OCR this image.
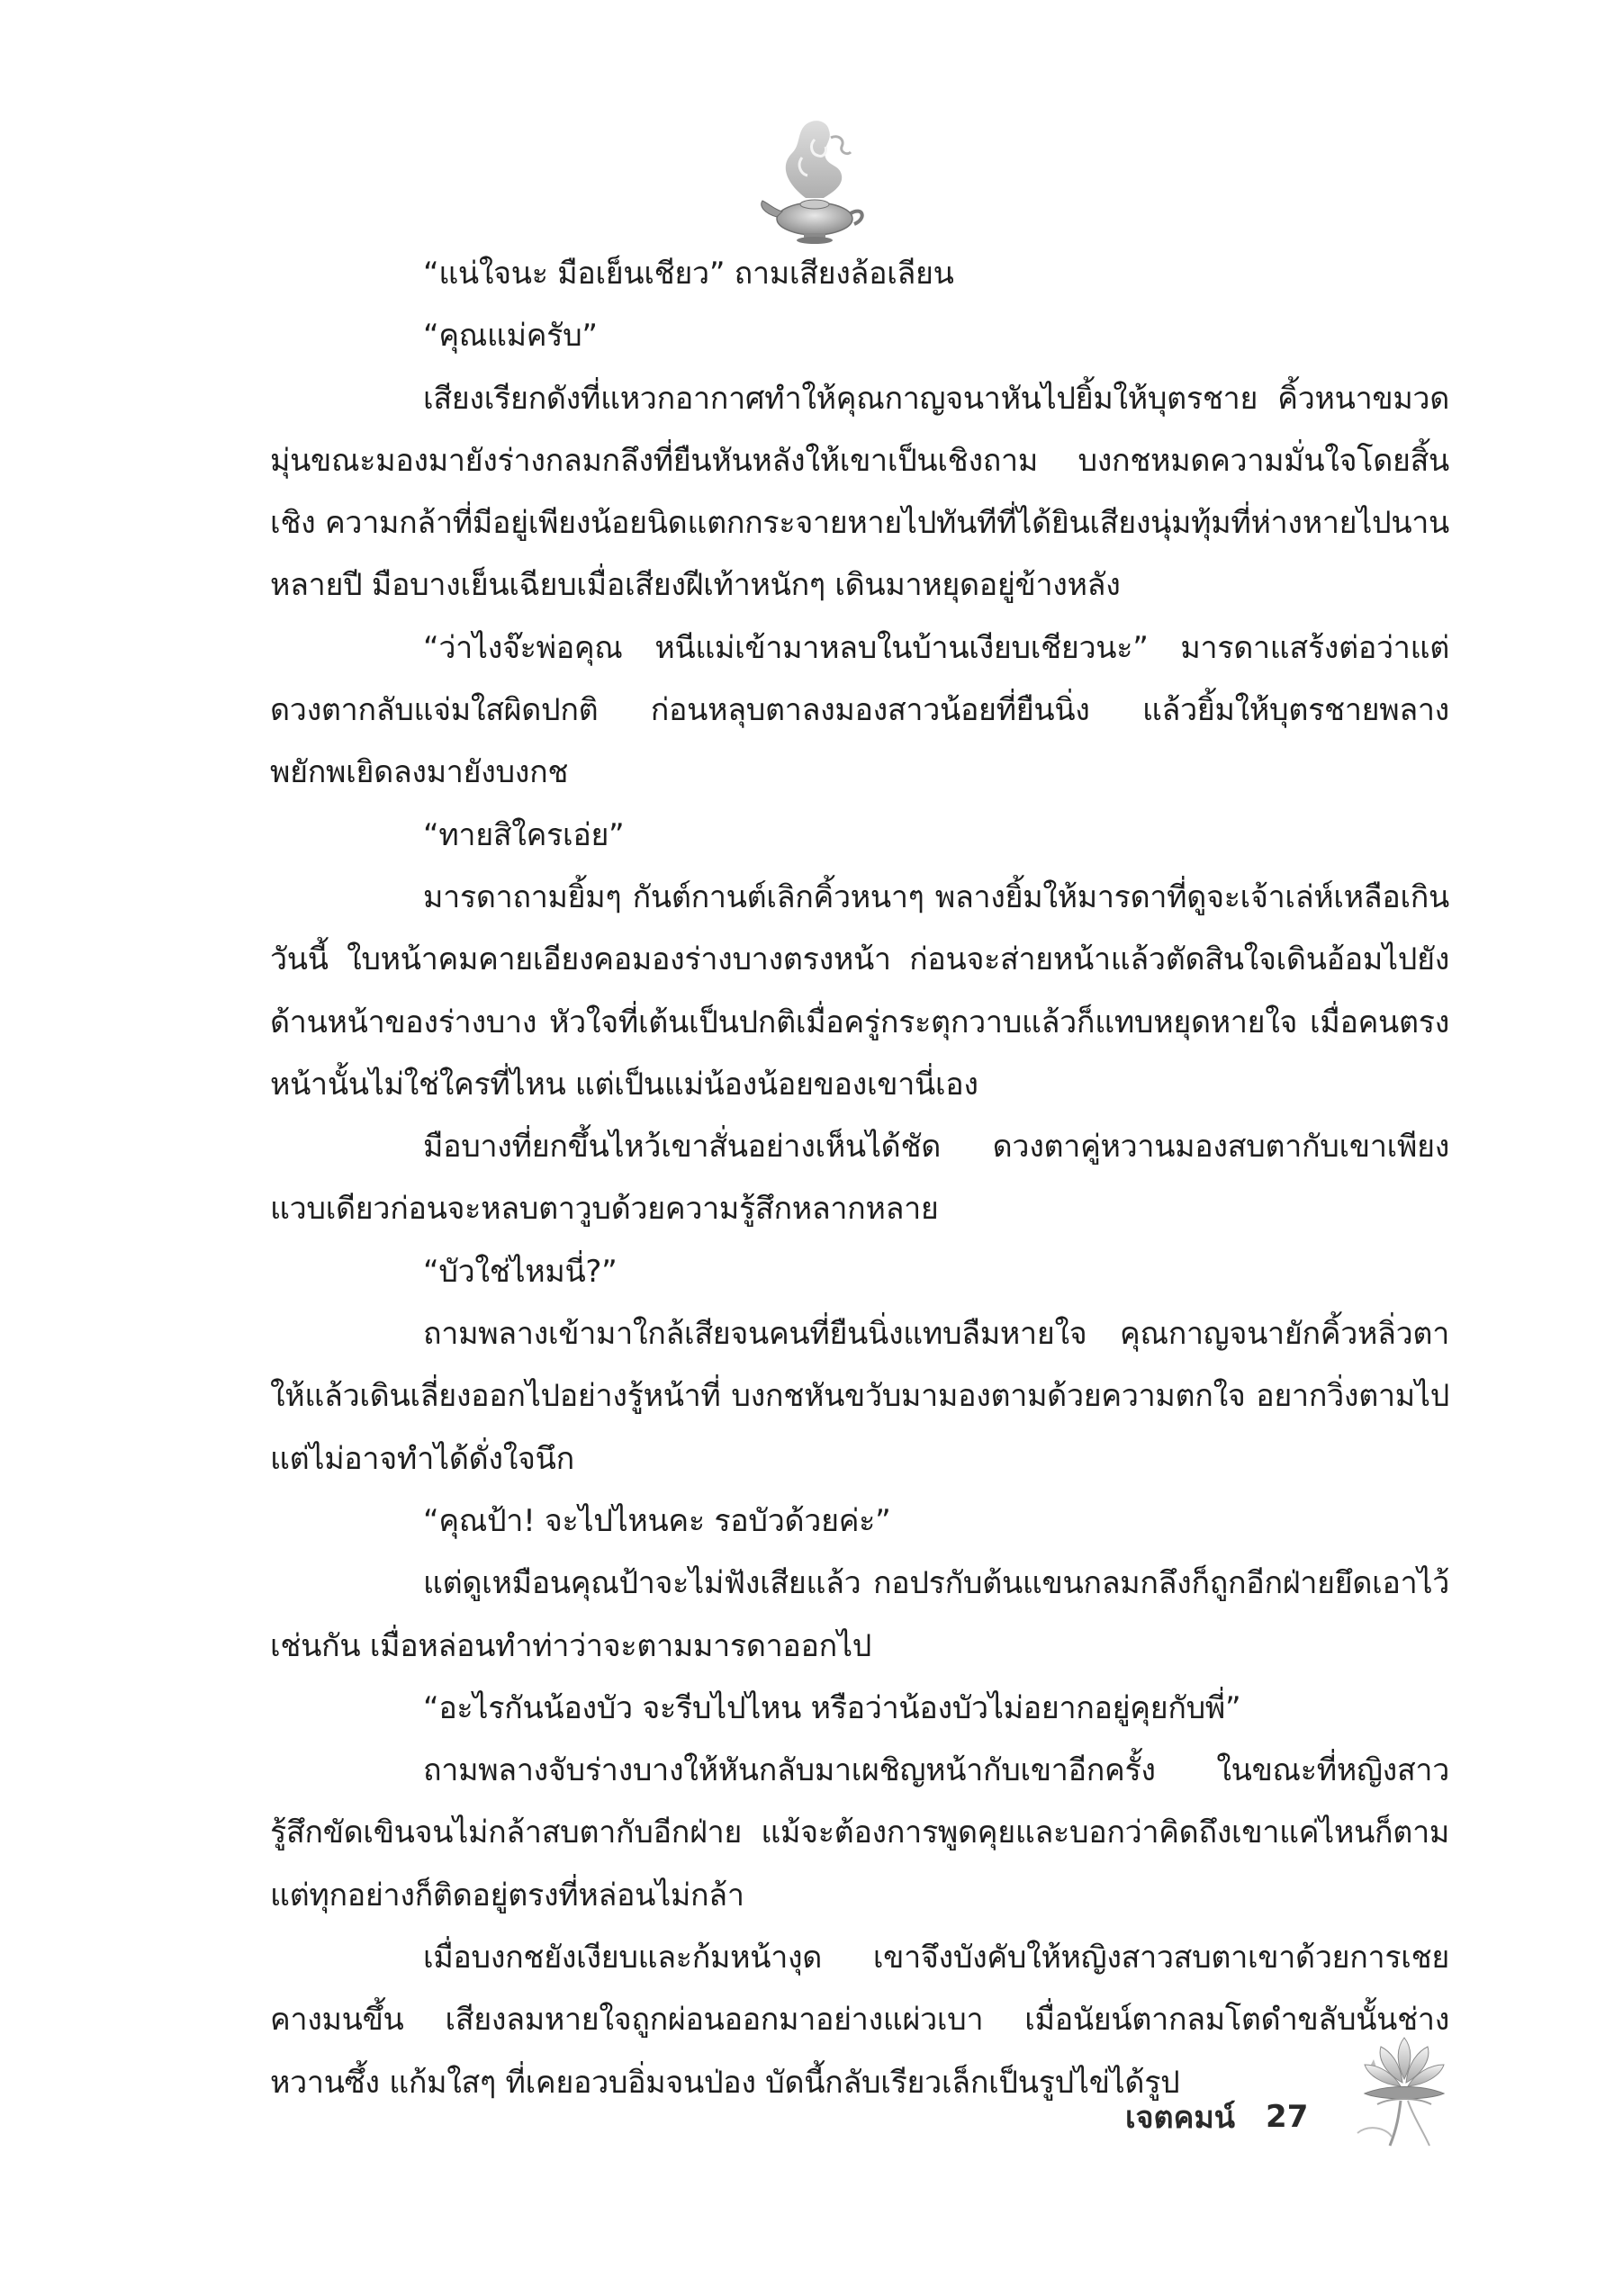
“แน่ใจนะ มือเย็นเชียว” ถามเสียงล้อเลียน

“คุณแม่ครับ”

เสียงเรียกดังที่แหวกอากาศทำให้คุณกาญจนาหันไปยิ้มให้บุตรชาย คิ้วหนาขมวดมุ่นขณะมองมายังร่างกลมกลึงที่ยืนหันหลังให้เขาเป็นเชิงถาม บงกชหมดความมั่นใจโดยสิ้นเชิง ความกล้าที่มีอยู่เพียงน้อยนิดแตกกระจายหายไปทันทีที่ได้ยินเสียงนุ่มทุ้มที่ห่างหายไปนานหลายปี มือบางเย็นเฉียบเมื่อเสียงฝีเท้าหนักๆ เดินมาหยุดอยู่ข้างหลัง

“ว่าไงจ๊ะพ่อคุณ หนีแม่เข้ามาหลบในบ้านเงียบเชียวนะ” มารดาแสร้งต่อว่าแต่ดวงตากลับแจ่มใสผิดปกติ ก่อนหลุบตาลงมองสาวน้อยที่ยืนนิ่ง แล้วยิ้มให้บุตรชายพลางพยักพเยิดลงมายังบงกช

“ทายสิใครเอ่ย”

มารดาถามยิ้มๆ กันต์กานต์เลิกคิ้วหนาๆ พลางยิ้มให้มารดาที่ดูจะเจ้าเล่ห์เหลือเกินวันนี้ ใบหน้าคมคายเอียงคอมองร่างบางตรงหน้า ก่อนจะส่ายหน้าแล้วตัดสินใจเดินอ้อมไปยังด้านหน้าของร่างบาง หัวใจที่เต้นเป็นปกติเมื่อครู่กระตุกวาบแล้วก็แทบหยุดหายใจ เมื่อคนตรงหน้านั้นไม่ใช่ใครที่ไหน แต่เป็นแม่น้องน้อยของเขานี่เอง

มือบางที่ยกขึ้นไหว้เขาสั่นอย่างเห็นได้ชัด ดวงตาคู่หวานมองสบตากับเขาเพียงแวบเดียวก่อนจะหลบตาวูบด้วยความรู้สึกหลากหลาย

“บัวใช่ไหมนี่?”

ถามพลางเข้ามาใกล้เสียจนคนที่ยืนนิ่งแทบลืมหายใจ คุณกาญจนายักคิ้วหลิ่วตาให้แล้วเดินเลี่ยงออกไปอย่างรู้หน้าที่ บงกชหันขวับมามองตามด้วยความตกใจ อยากวิ่งตามไปแต่ไม่อาจทำได้ดั่งใจนึก

“คุณป้า! จะไปไหนคะ รอบัวด้วยค่ะ”

แต่ดูเหมือนคุณป้าจะไม่ฟังเสียแล้ว กอปรกับต้นแขนกลมกลึงก็ถูกอีกฝ่ายยึดเอาไว้เช่นกัน เมื่อหล่อนทำท่าว่าจะตามมารดาออกไป

“อะไรกันน้องบัว จะรีบไปไหน หรือว่าน้องบัวไม่อยากอยู่คุยกับพี่”

ถามพลางจับร่างบางให้หันกลับมาเผชิญหน้ากับเขาอีกครั้ง ในขณะที่หญิงสาวรู้สึกขัดเขินจนไม่กล้าสบตากับอีกฝ่าย แม้จะต้องการพูดคุยและบอกว่าคิดถึงเขาแค่ไหนก็ตาม แต่ทุกอย่างก็ติดอยู่ตรงที่หล่อนไม่กล้า

เมื่อบงกชยังเงียบและก้มหน้างุด เขาจึงบังคับให้หญิงสาวสบตาเขาด้วยการเชยคางมนขึ้น เสียงลมหายใจถูกผ่อนออกมาอย่างแผ่วเบา เมื่อนัยน์ตากลมโตดำขลับนั้นช่างหวานซึ้ง แก้มใสๆ ที่เคยอวบอิ่มจนป่อง บัดนี้กลับเรียวเล็กเป็นรูปไข่ได้รูป

เจตคมน์ 27
